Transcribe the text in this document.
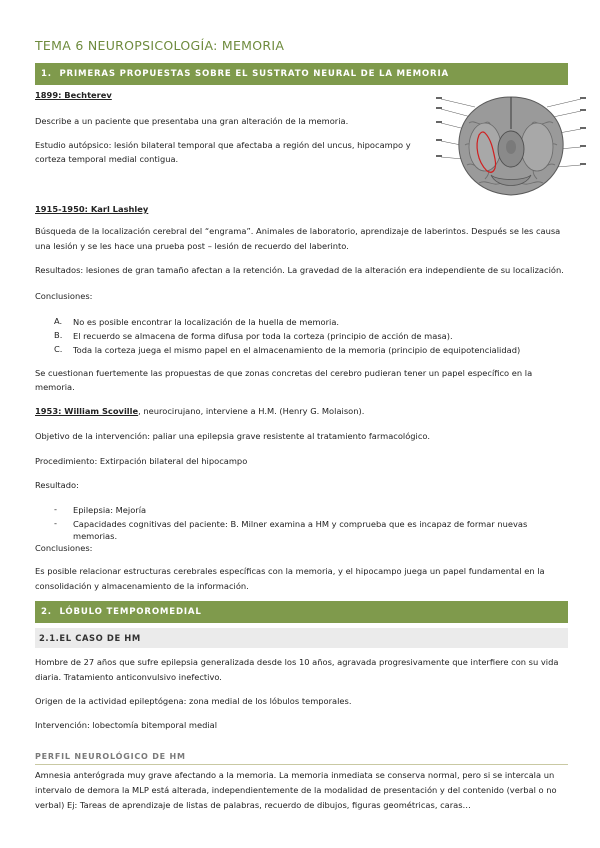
TEMA 6 NEUROPSICOLOGÍA: MEMORIA
1. PRIMERAS PROPUESTAS SOBRE EL SUSTRATO NEURAL DE LA MEMORIA
1899: Bechterev
Describe a un paciente que presentaba una gran alteración de la memoria.
Estudio autópsico: lesión bilateral temporal que afectaba a región del uncus, hipocampo y
corteza temporal medial contigua.
1915-1950: Karl Lashley
Búsqueda de la localización cerebral del “engrama”. Animales de laboratorio, aprendizaje de laberintos. Después se les causa
una lesión y se les hace una prueba post – lesión de recuerdo del laberinto.
Resultados: lesiones de gran tamaño afectan a la retención. La gravedad de la alteración era independiente de su localización.
Conclusiones:
A. No es posible encontrar la localización de la huella de memoria.
B. El recuerdo se almacena de forma difusa por toda la corteza (principio de acción de masa).
C. Toda la corteza juega el mismo papel en el almacenamiento de la memoria (principio de equipotencialidad)
Se cuestionan fuertemente las propuestas de que zonas concretas del cerebro pudieran tener un papel específico en la
memoria.
1953: William Scoville, neurocirujano, interviene a H.M. (Henry G. Molaison).
Objetivo de la intervención: paliar una epilepsia grave resistente al tratamiento farmacológico.
Procedimiento: Extirpación bilateral del hipocampo
Resultado:
- Epilepsia: Mejoría
- Capacidades cognitivas del paciente: B. Milner examina a HM y comprueba que es incapaz de formar nuevas memorias.
Conclusiones:
Es posible relacionar estructuras cerebrales específicas con la memoria, y el hipocampo juega un papel fundamental en la
consolidación y almacenamiento de la información.
2. LÓBULO TEMPOROMEDIAL
2.1.EL CASO DE HM
Hombre de 27 años que sufre epilepsia generalizada desde los 10 años, agravada progresivamente que interfiere con su vida
diaria. Tratamiento anticonvulsivo inefectivo.
Origen de la actividad epileptógena: zona medial de los lóbulos temporales.
Intervención: lobectomía bitemporal medial
PERFIL NEUROLÓGICO DE HM
Amnesia anterógrada muy grave afectando a la memoria. La memoria inmediata se conserva normal, pero si se intercala un
intervalo de demora la MLP está alterada, independientemente de la modalidad de presentación y del contenido (verbal o no
verbal) Ej: Tareas de aprendizaje de listas de palabras, recuerdo de dibujos, figuras geométricas, caras…
